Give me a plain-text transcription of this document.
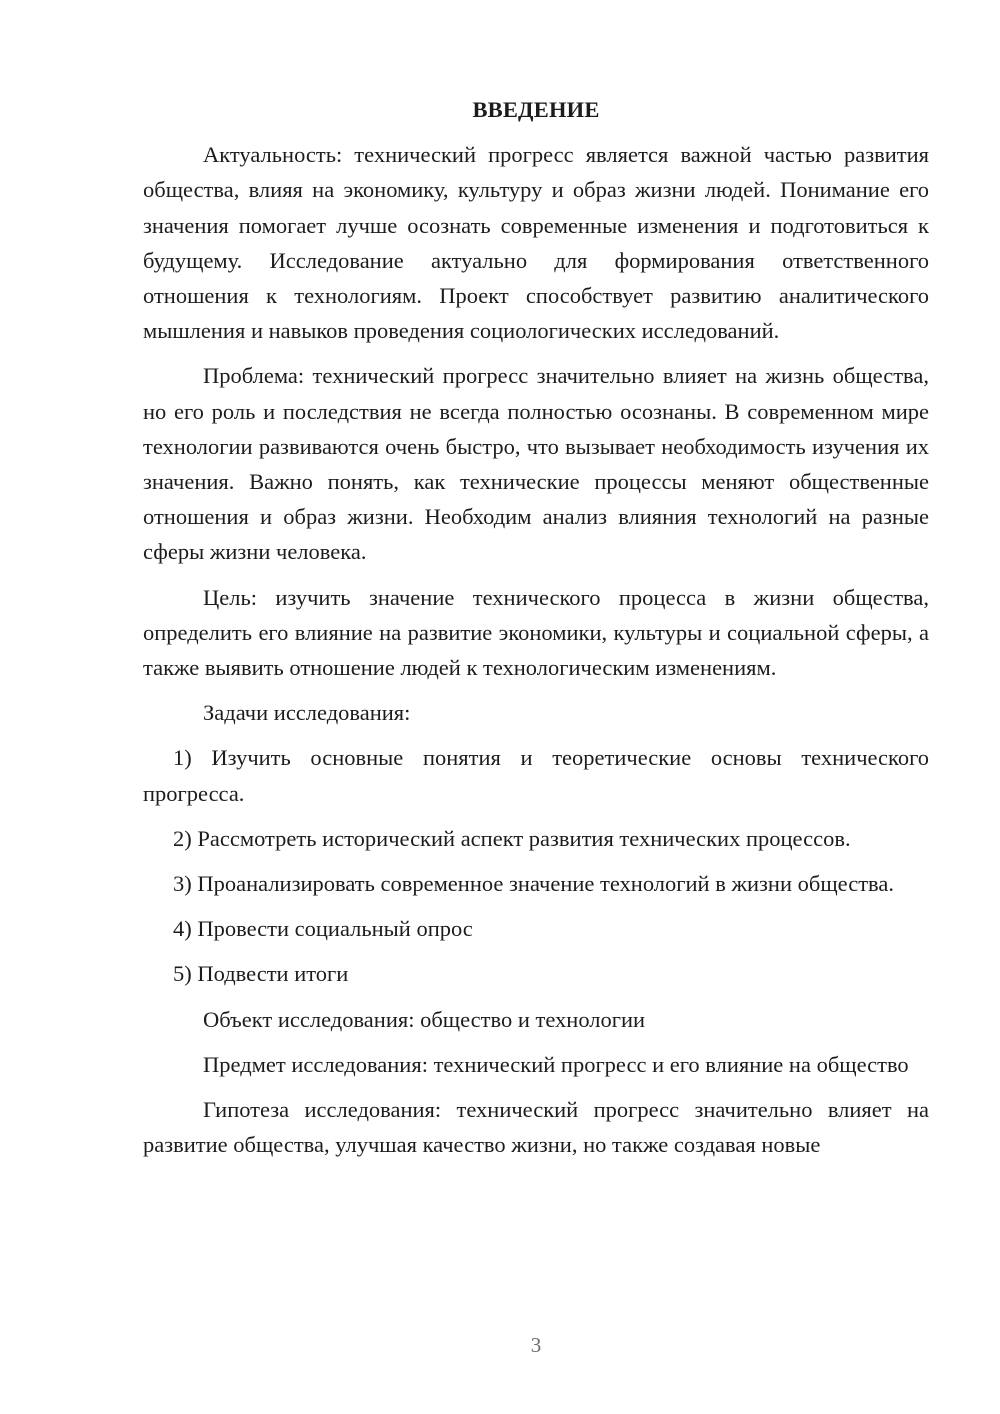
ВВЕДЕНИЕ

Актуальность: технический прогресс является важной частью развития общества, влияя на экономику, культуру и образ жизни людей. Понимание его значения помогает лучше осознать современные изменения и подготовиться к будущему. Исследование актуально для формирования ответственного отношения к технологиям. Проект способствует развитию аналитического мышления и навыков проведения социологических исследований.

Проблема: технический прогресс значительно влияет на жизнь общества, но его роль и последствия не всегда полностью осознаны. В современном мире технологии развиваются очень быстро, что вызывает необходимость изучения их значения. Важно понять, как технические процессы меняют общественные отношения и образ жизни. Необходим анализ влияния технологий на разные сферы жизни человека.

Цель: изучить значение технического процесса в жизни общества, определить его влияние на развитие экономики, культуры и социальной сферы, а также выявить отношение людей к технологическим изменениям.

Задачи исследования:

1) Изучить основные понятия и теоретические основы технического прогресса.

2) Рассмотреть исторический аспект развития технических процессов.

3) Проанализировать современное значение технологий в жизни общества.

4) Провести социальный опрос

5) Подвести итоги

Объект исследования: общество и технологии

Предмет исследования: технический прогресс и его влияние на общество

Гипотеза исследования: технический прогресс значительно влияет на развитие общества, улучшая качество жизни, но также создавая новые

3
